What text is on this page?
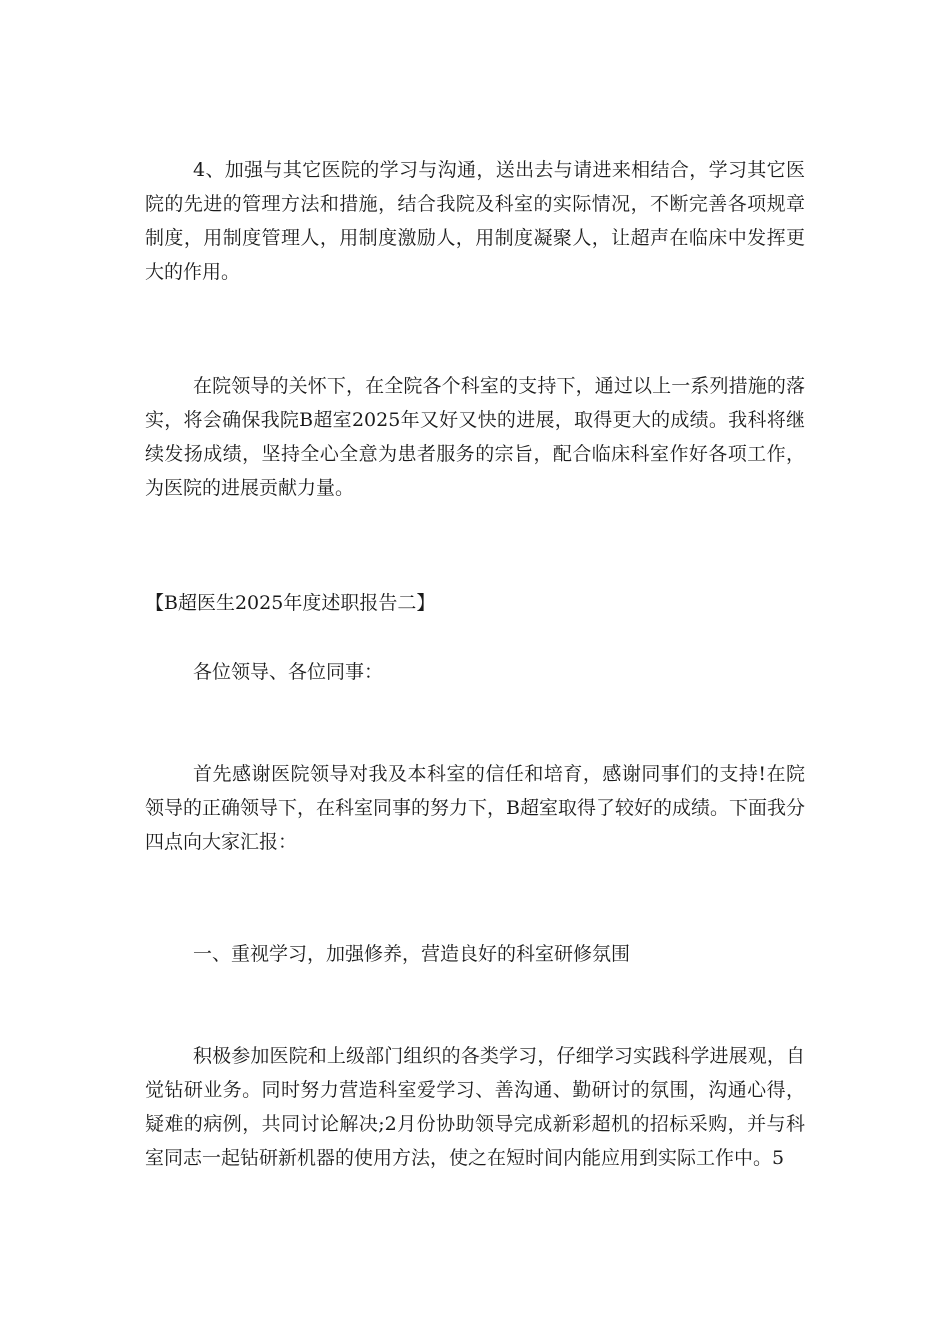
4、加强与其它医院的学习与沟通，送出去与请进来相结合，学习其它医院的先进的管理方法和措施，结合我院及科室的实际情况，不断完善各项规章制度，用制度管理人，用制度激励人，用制度凝聚人，让超声在临床中发挥更大的作用。

在院领导的关怀下，在全院各个科室的支持下，通过以上一系列措施的落实，将会确保我院B超室2025年又好又快的进展，取得更大的成绩。我科将继续发扬成绩，坚持全心全意为患者服务的宗旨，配合临床科室作好各项工作，为医院的进展贡献力量。

【B超医生2025年度述职报告二】

各位领导、各位同事：

首先感谢医院领导对我及本科室的信任和培育，感谢同事们的支持!在院领导的正确领导下，在科室同事的努力下，B超室取得了较好的成绩。下面我分四点向大家汇报：

一、重视学习，加强修养，营造良好的科室研修氛围

积极参加医院和上级部门组织的各类学习，仔细学习实践科学进展观，自觉钻研业务。同时努力营造科室爱学习、善沟通、勤研讨的氛围，沟通心得，疑难的病例，共同讨论解决;2月份协助领导完成新彩超机的招标采购，并与科室同志一起钻研新机器的使用方法，使之在短时间内能应用到实际工作中。5
